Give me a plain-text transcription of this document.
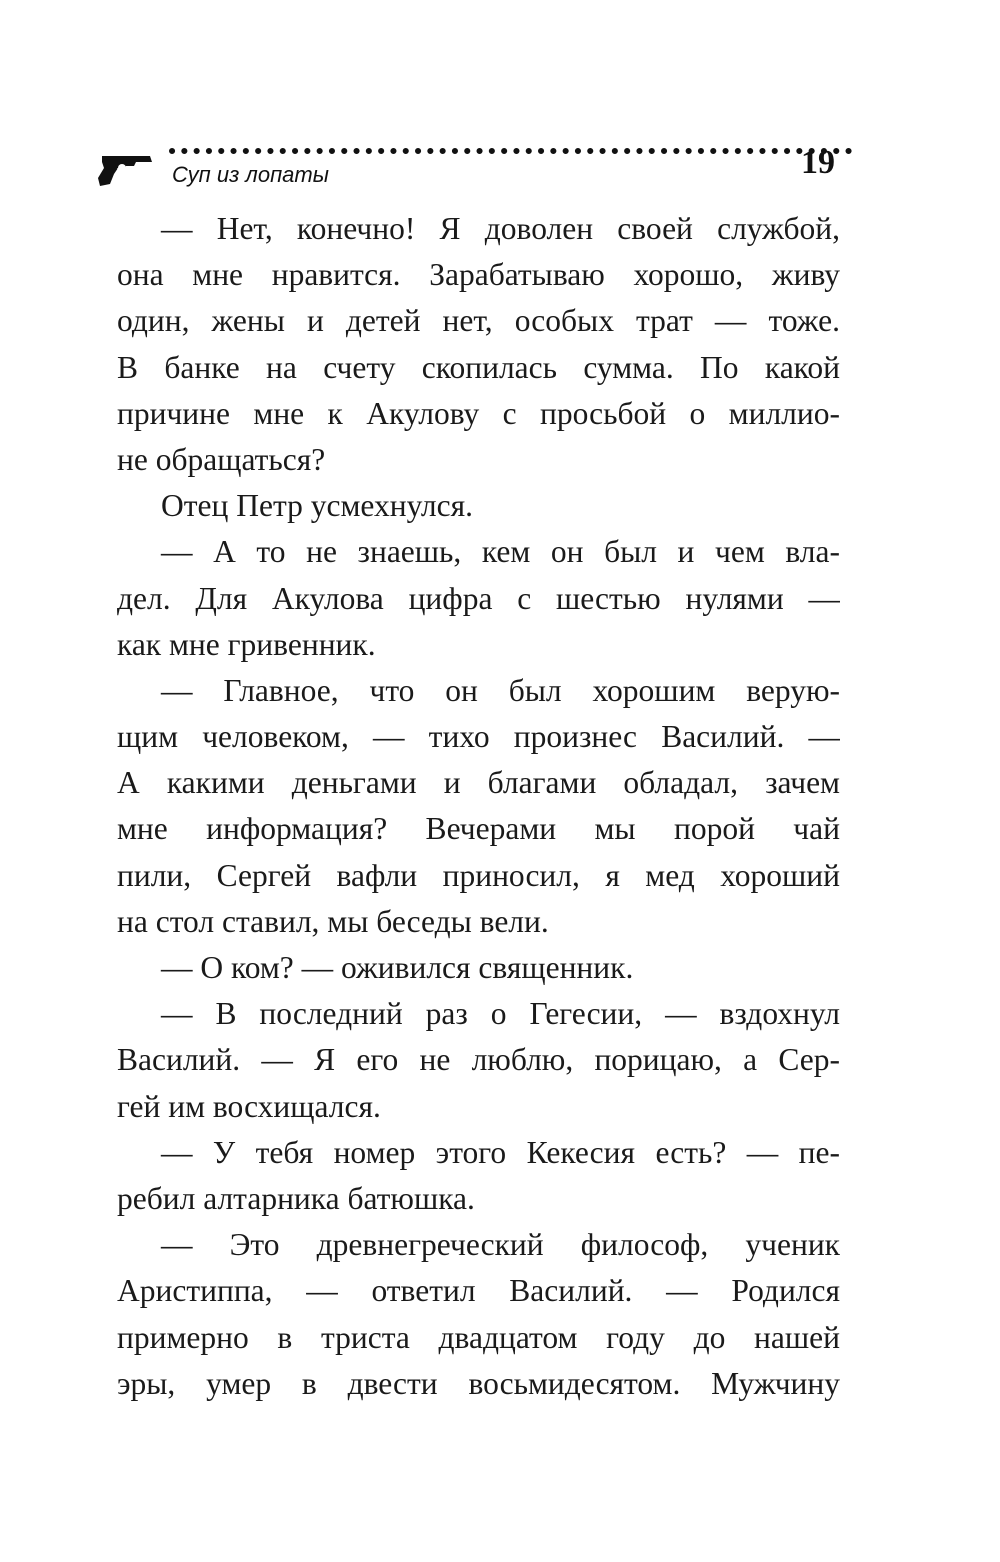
Суп из лопаты	19
— Нет, конечно! Я доволен своей службой,
она мне нравится. Зарабатываю хорошо, живу
один, жены и детей нет, особых трат — тоже.
В банке на счету скопилась сумма. По какой
причине мне к Акулову с просьбой о миллио-
не обращаться?
Отец Петр усмехнулся.
— А то не знаешь, кем он был и чем вла-
дел. Для Акулова цифра с шестью нулями —
как мне гривенник.
— Главное, что он был хорошим верую-
щим человеком, — тихо произнес Василий. —
А какими деньгами и благами обладал, зачем
мне информация? Вечерами мы порой чай
пили, Сергей вафли приносил, я мед хороший
на стол ставил, мы беседы вели.
— О ком? — оживился священник.
— В последний раз о Гегесии, — вздохнул
Василий. — Я его не люблю, порицаю, а Сер-
гей им восхищался.
— У тебя номер этого Кекесия есть? — пе-
ребил алтарника батюшка.
— Это древнегреческий философ, ученик
Аристиппа, — ответил Василий. — Родился
примерно в триста двадцатом году до нашей
эры, умер в двести восьмидесятом. Мужчину
